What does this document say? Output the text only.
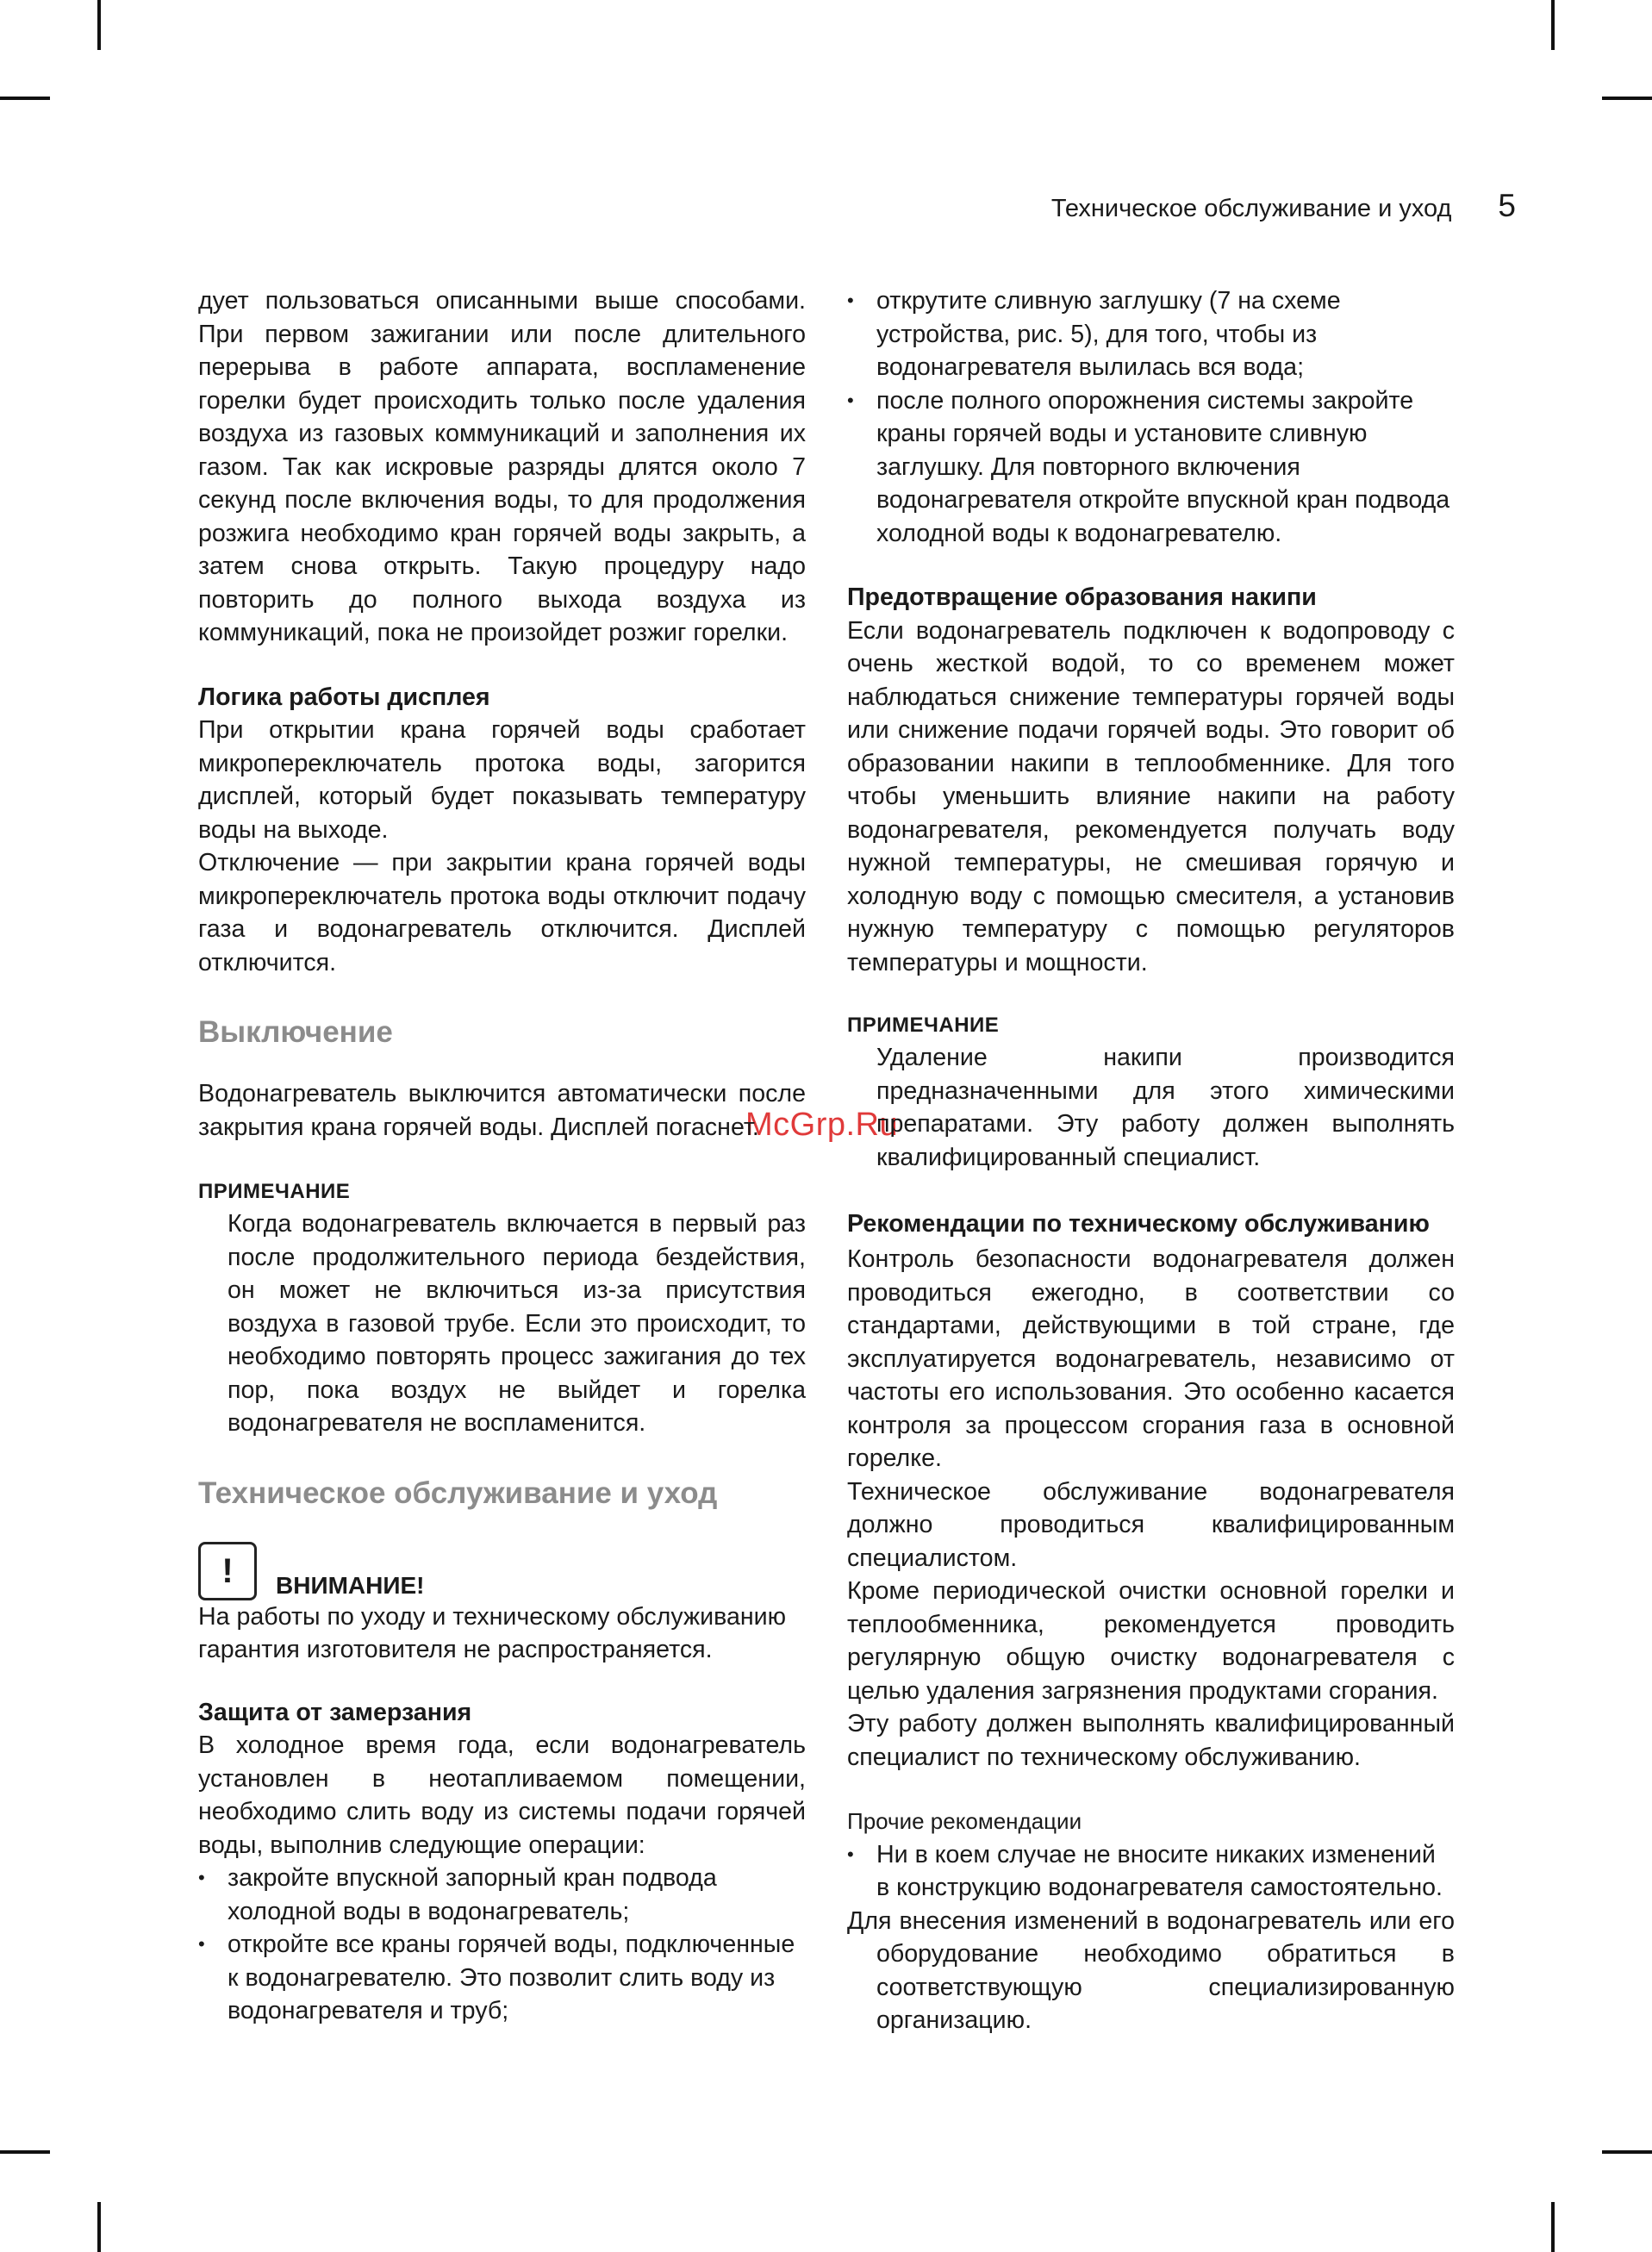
Техническое обслуживание и уход 5
McGrp.Ru

дует пользоваться описанными выше способами. При первом зажигании или после длительного перерыва в работе аппарата, воспламенение горелки будет происходить только после удаления воздуха из газовых коммуникаций и заполнения их газом. Так как искровые разряды длятся около 7 секунд после включения воды, то для продолжения розжига необходимо кран горячей воды закрыть, а затем снова открыть. Такую процедуру надо повторить до полного выхода воздуха из коммуникаций, пока не произойдет розжиг горелки.

Логика работы дисплея

При открытии крана горячей воды сработает микропереключатель протока воды, загорится дисплей, который будет показывать температуру воды на выходе.

Отключение — при закрытии крана горячей воды микропереключатель протока воды отключит подачу газа и водонагреватель отключится. Дисплей отключится.

Выключение

Водонагреватель выключится автоматически после закрытия крана горячей воды. Дисплей погаснет.

ПРИМЕЧАНИЕ

Когда водонагреватель включается в первый раз после продолжительного периода бездействия, он может не включиться из-за присутствия воздуха в газовой трубе. Если это происходит, то необходимо повторять процесс зажигания до тех пор, пока воздух не выйдет и горелка водонагревателя не воспламенится.

Техническое обслуживание и уход

!	ВНИМАНИЕ!

На работы по уходу и техническому обслуживанию гарантия изготовителя не распространяется.

Защита от замерзания

В холодное время года, если водонагреватель установлен в неотапливаемом помещении, необходимо слить воду из системы подачи горячей воды, выполнив следующие операции:

• закройте впускной запорный кран подвода холодной воды в водонагреватель;
• откройте все краны горячей воды, подключенные к водонагревателю. Это позволит слить воду из водонагревателя и труб;
• открутите сливную заглушку (7 на схеме устройства, рис. 5), для того, чтобы из водонагревателя вылилась вся вода;
• после полного опорожнения системы закройте краны горячей воды и установите сливную заглушку. Для повторного включения водонагревателя откройте впускной кран подвода холодной воды к водонагревателю.

Предотвращение образования накипи

Если водонагреватель подключен к водопроводу с очень жесткой водой, то со временем может наблюдаться снижение температуры горячей воды или снижение подачи горячей воды. Это говорит об образовании накипи в теплообменнике. Для того чтобы уменьшить влияние накипи на работу водонагревателя, рекомендуется получать воду нужной температуры, не смешивая горячую и холодную воду с помощью смесителя, а установив нужную температуру с помощью регуляторов температуры и мощности.

ПРИМЕЧАНИЕ

Удаление накипи производится предназначенными для этого химическими препаратами. Эту работу должен выполнять квалифицированный специалист.

Рекомендации по техническому обслуживанию

Контроль безопасности водонагревателя должен проводиться ежегодно, в соответствии со стандартами, действующими в той стране, где эксплуатируется водонагреватель, независимо от частоты его использования. Это особенно касается контроля за процессом сгорания газа в основной горелке.

Техническое обслуживание водонагревателя должно проводиться квалифицированным специалистом.

Кроме периодической очистки основной горелки и теплообменника, рекомендуется проводить регулярную общую очистку водонагревателя с целью удаления загрязнения продуктами сгорания.

Эту работу должен выполнять квалифицированный специалист по техническому обслуживанию.

Прочие рекомендации

• Ни в коем случае не вносите никаких изменений в конструкцию водонагревателя самостоятельно.

Для внесения изменений в водонагреватель или его оборудование необходимо обратиться в соответствующую специализированную организацию.
